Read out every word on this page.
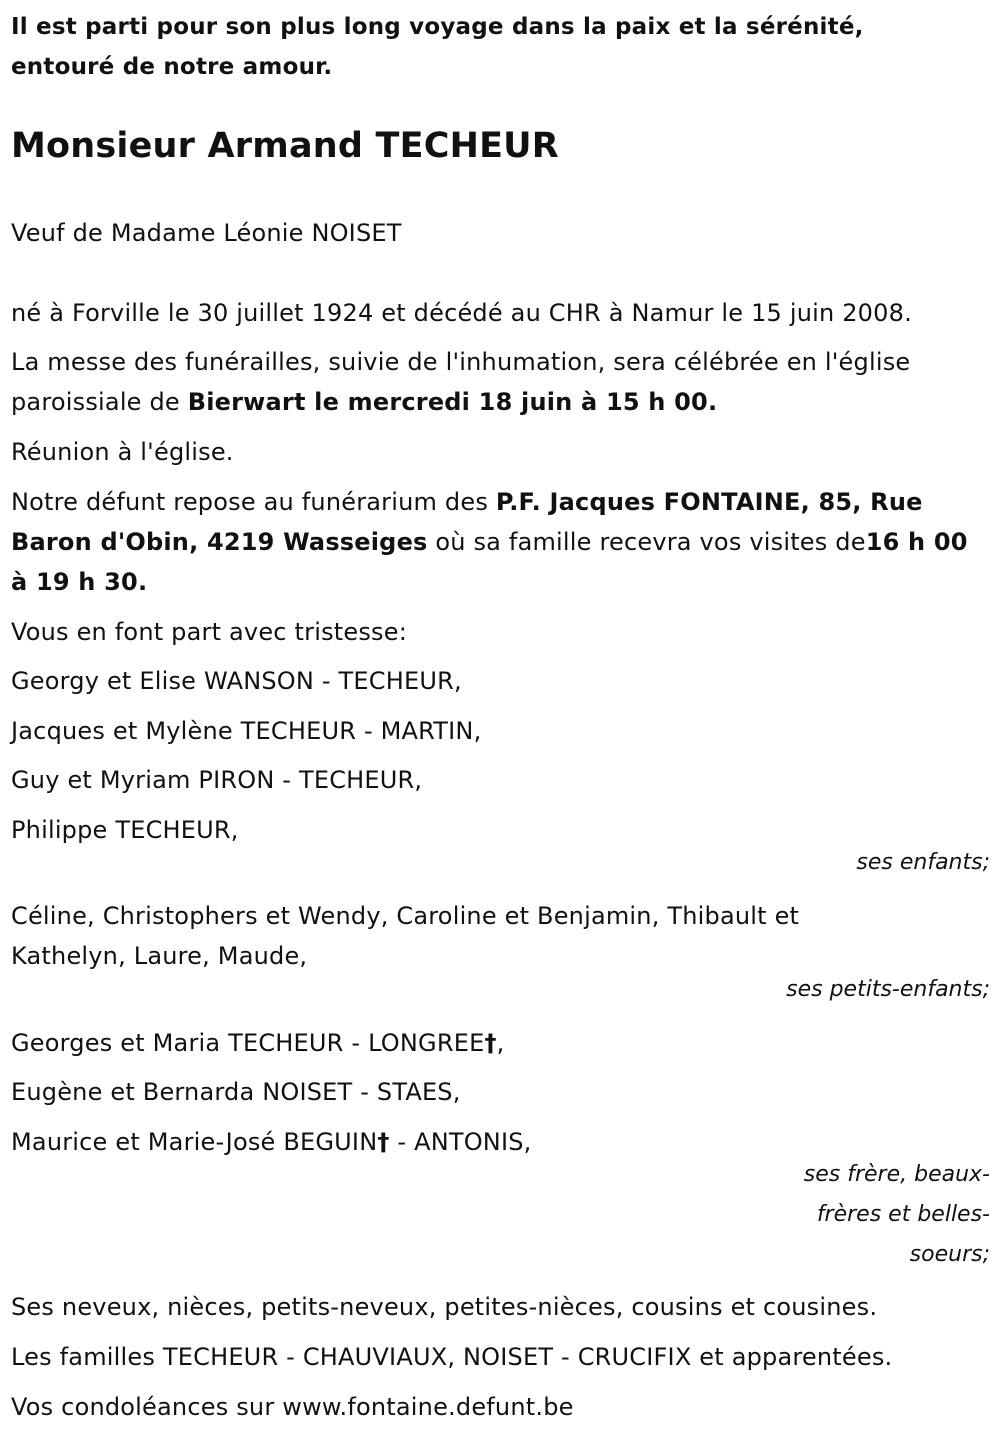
Il est parti pour son plus long voyage dans la paix et la sérénité,
entouré de notre amour.
Monsieur Armand TECHEUR
Veuf de Madame Léonie NOISET
né à Forville le 30 juillet 1924 et décédé au CHR à Namur le 15 juin 2008.
La messe des funérailles, suivie de l'inhumation, sera célébrée en l'église
paroissiale de Bierwart le mercredi 18 juin à 15 h 00.
Réunion à l'église.
Notre défunt repose au funérarium des P.F. Jacques FONTAINE, 85, Rue
Baron d'Obin, 4219 Wasseiges où sa famille recevra vos visites de16 h 00
à 19 h 30.
Vous en font part avec tristesse:
Georgy et Elise WANSON - TECHEUR,
Jacques et Mylène TECHEUR - MARTIN,
Guy et Myriam PIRON - TECHEUR,
Philippe TECHEUR,
ses enfants;
Céline, Christophers et Wendy, Caroline et Benjamin, Thibault et
Kathelyn, Laure, Maude,
ses petits-enfants;
Georges et Maria TECHEUR - LONGREE†,
Eugène et Bernarda NOISET - STAES,
Maurice et Marie-José BEGUIN† - ANTONIS,
ses frère, beaux-
frères et belles-
soeurs;
Ses neveux, nièces, petits-neveux, petites-nièces, cousins et cousines.
Les familles TECHEUR - CHAUVIAUX, NOISET - CRUCIFIX et apparentées.
Vos condoléances sur www.fontaine.defunt.be
